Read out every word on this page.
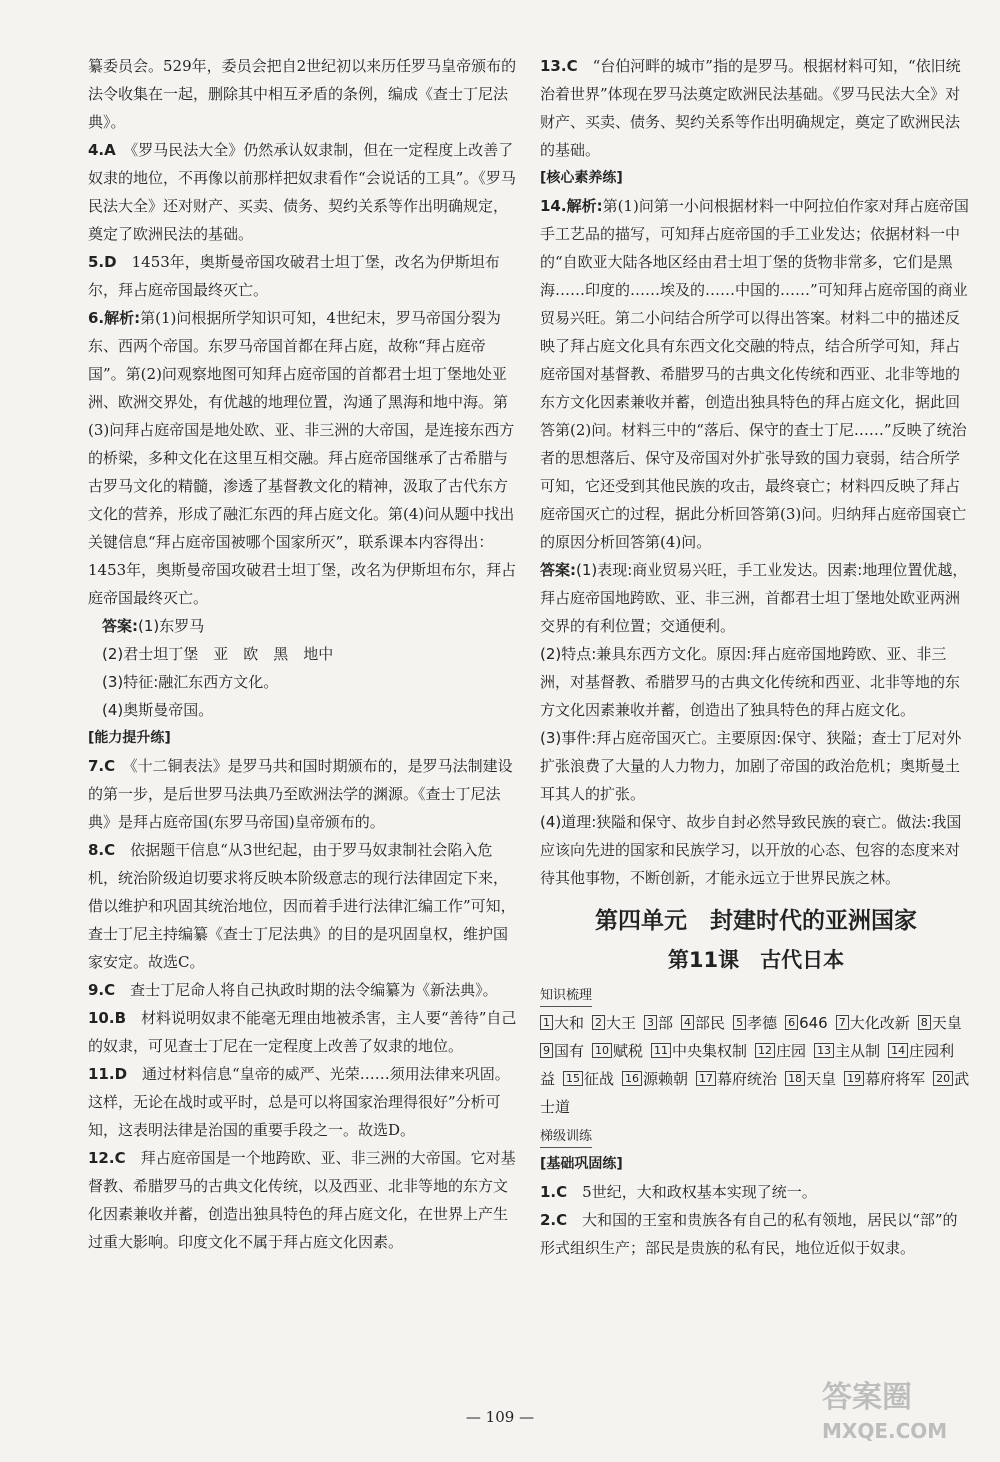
纂委员会。529年，委员会把自2世纪初以来历任罗马皇帝颁布的法令收集在一起，删除其中相互矛盾的条例，编成《查士丁尼法典》。

4.A　 《罗马民法大全》仍然承认奴隶制，但在一定程度上改善了奴隶的地位，不再像以前那样把奴隶看作“会说话的工具”。《罗马民法大全》还对财产、买卖、债务、契约关系等作出明确规定，奠定了欧洲民法的基础。

5.D　 1453年，奥斯曼帝国攻破君士坦丁堡，改名为伊斯坦布尔，拜占庭帝国最终灭亡。

6.解析:第(1)问根据所学知识可知，4世纪末，罗马帝国分裂为东、西两个帝国。东罗马帝国首都在拜占庭，故称“拜占庭帝国”。第(2)问观察地图可知拜占庭帝国的首都君士坦丁堡地处亚洲、欧洲交界处，有优越的地理位置，沟通了黑海和地中海。第(3)问拜占庭帝国是地处欧、亚、非三洲的大帝国，是连接东西方的桥梁，多种文化在这里互相交融。拜占庭帝国继承了古希腊与古罗马文化的精髓，渗透了基督教文化的精神，汲取了古代东方文化的营养，形成了融汇东西的拜占庭文化。第(4)问从题中找出关键信息“拜占庭帝国被哪个国家所灭”，联系课本内容得出：1453年，奥斯曼帝国攻破君士坦丁堡，改名为伊斯坦布尔，拜占庭帝国最终灭亡。

答案:(1)东罗马

(2)君士坦丁堡　亚　欧　黑　地中

(3)特征:融汇东西方文化。

(4)奥斯曼帝国。

[能力提升练]

7.C　 《十二铜表法》是罗马共和国时期颁布的，是罗马法制建设的第一步，是后世罗马法典乃至欧洲法学的渊源。《查士丁尼法典》是拜占庭帝国(东罗马帝国)皇帝颁布的。

8.C　 依据题干信息“从3世纪起，由于罗马奴隶制社会陷入危机，统治阶级迫切要求将反映本阶级意志的现行法律固定下来，借以维护和巩固其统治地位，因而着手进行法律汇编工作”可知，查士丁尼主持编纂《查士丁尼法典》的目的是巩固皇权，维护国家安定。故选C。

9.C　 查士丁尼命人将自己执政时期的法令编纂为《新法典》。

10.B　 材料说明奴隶不能毫无理由地被杀害，主人要“善待”自己的奴隶，可见查士丁尼在一定程度上改善了奴隶的地位。

11.D　 通过材料信息“皇帝的威严、光荣……须用法律来巩固。这样，无论在战时或平时，总是可以将国家治理得很好”分析可知，这表明法律是治国的重要手段之一。故选D。

12.C　 拜占庭帝国是一个地跨欧、亚、非三洲的大帝国。它对基督教、希腊罗马的古典文化传统，以及西亚、北非等地的东方文化因素兼收并蓄，创造出独具特色的拜占庭文化，在世界上产生过重大影响。印度文化不属于拜占庭文化因素。

13.C　 “台伯河畔的城市”指的是罗马。根据材料可知，“依旧统治着世界”体现在罗马法奠定欧洲民法基础。《罗马民法大全》对财产、买卖、债务、契约关系等作出明确规定，奠定了欧洲民法的基础。

[核心素养练]

14.解析:第(1)问第一小问根据材料一中阿拉伯作家对拜占庭帝国手工艺品的描写，可知拜占庭帝国的手工业发达；依据材料一中的“自欧亚大陆各地区经由君士坦丁堡的货物非常多，它们是黑海……印度的……埃及的……中国的……”可知拜占庭帝国的商业贸易兴旺。第二小问结合所学可以得出答案。材料二中的描述反映了拜占庭文化具有东西文化交融的特点，结合所学可知，拜占庭帝国对基督教、希腊罗马的古典文化传统和西亚、北非等地的东方文化因素兼收并蓄，创造出独具特色的拜占庭文化，据此回答第(2)问。材料三中的“落后、保守的查士丁尼……”反映了统治者的思想落后、保守及帝国对外扩张导致的国力衰弱，结合所学可知，它还受到其他民族的攻击，最终衰亡；材料四反映了拜占庭帝国灭亡的过程，据此分析回答第(3)问。归纳拜占庭帝国衰亡的原因分析回答第(4)问。

答案:(1)表现:商业贸易兴旺，手工业发达。因素:地理位置优越，拜占庭帝国地跨欧、亚、非三洲，首都君士坦丁堡地处欧亚两洲交界的有利位置；交通便利。

(2)特点:兼具东西方文化。原因:拜占庭帝国地跨欧、亚、非三洲，对基督教、希腊罗马的古典文化传统和西亚、北非等地的东方文化因素兼收并蓄，创造出了独具特色的拜占庭文化。

(3)事件:拜占庭帝国灭亡。主要原因:保守、狭隘；查士丁尼对外扩张浪费了大量的人力物力，加剧了帝国的政治危机；奥斯曼土耳其人的扩张。

(4)道理:狭隘和保守、故步自封必然导致民族的衰亡。做法:我国应该向先进的国家和民族学习，以开放的心态、包容的态度来对待其他事物，不断创新，才能永远立于世界民族之林。

第四单元　封建时代的亚洲国家
第11课　古代日本
知识梳理
1 大和 2 大王 3 部 4 部民 5 孝德 6 646 7 大化改新 8 天皇9 国有 10 赋税 11 中央集权制 12 庄园 13 主从制 14 庄园利益 15 征战 16 源赖朝 17 幕府统治 18 天皇 19 幕府将军 20 武士道
梯级训练

[基础巩固练]

1.C　 5世纪，大和政权基本实现了统一。

2.C　 大和国的王室和贵族各有自己的私有领地，居民以“部”的形式组织生产；部民是贵族的私有民，地位近似于奴隶。

— 109 —
答案圈
MXQE.COM
